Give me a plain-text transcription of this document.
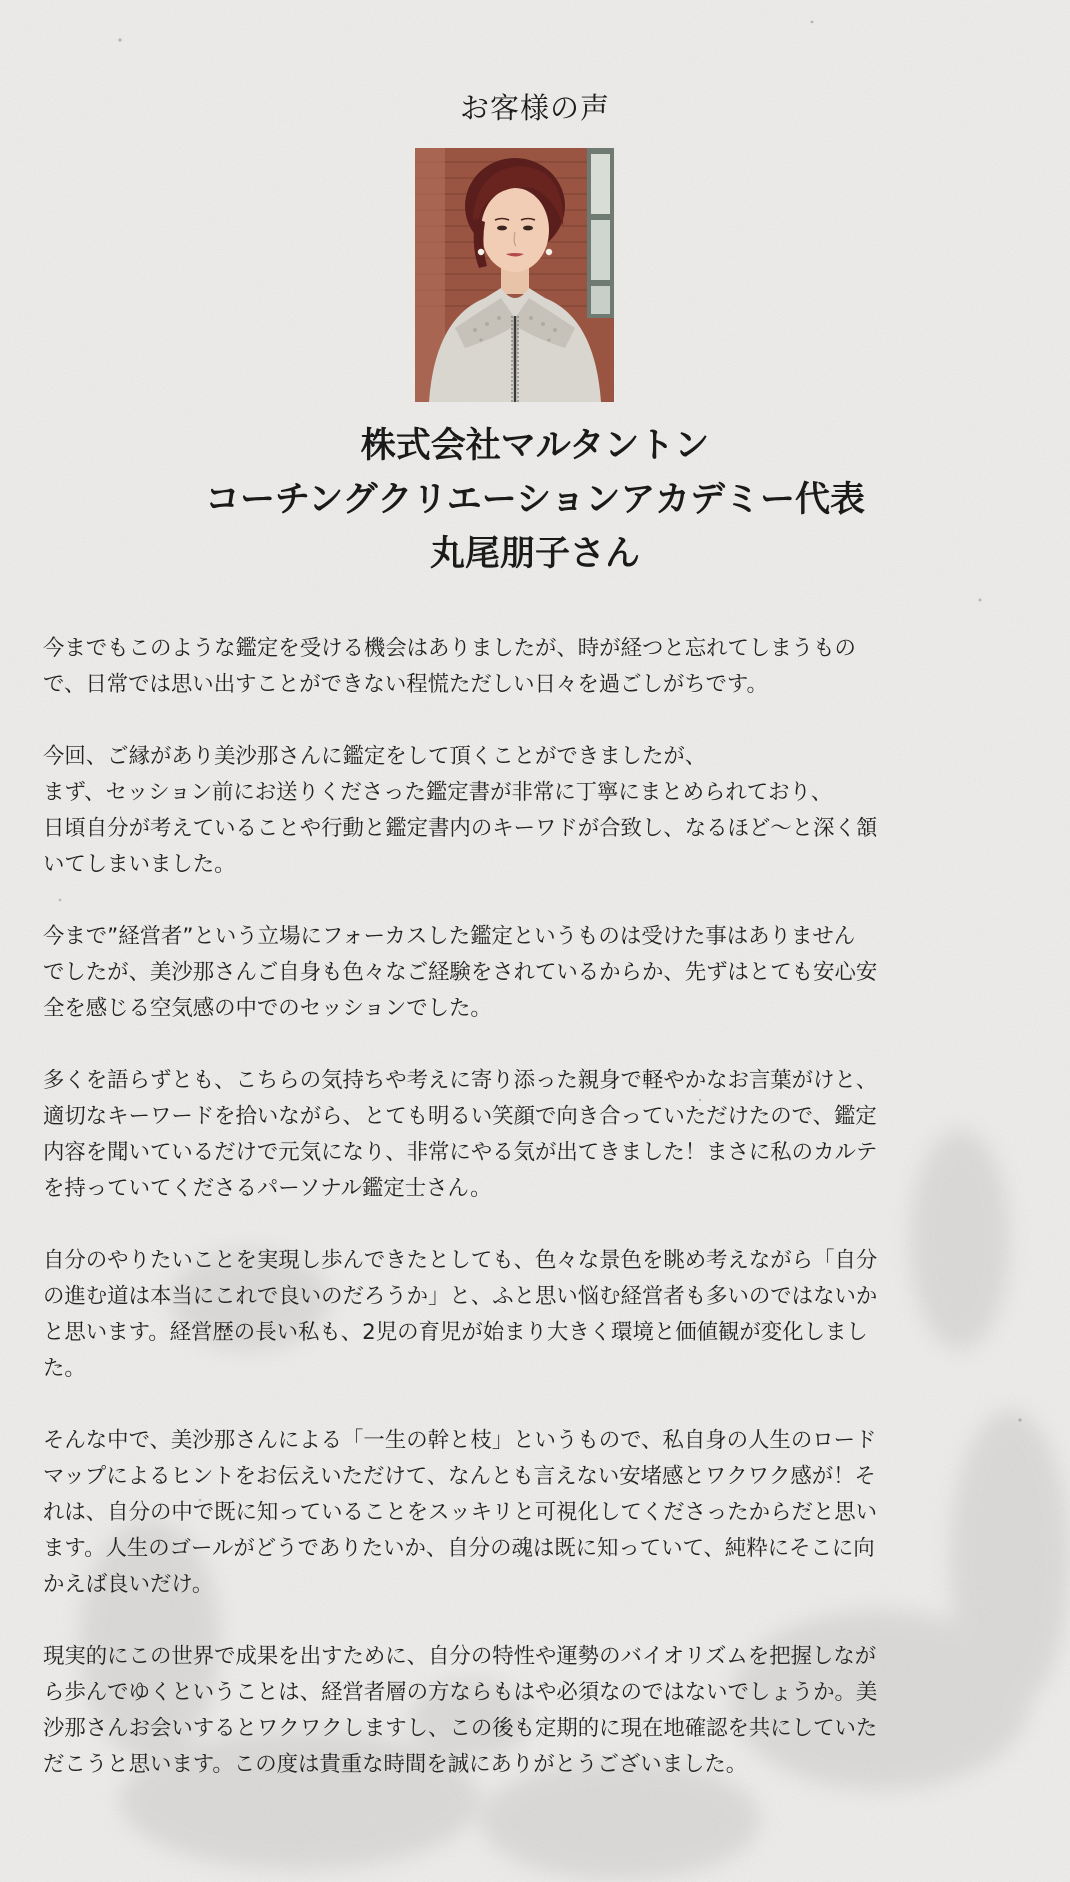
お客様の声
株式会社マルタントン
コーチングクリエーションアカデミー代表
丸尾朋子さん

今までもこのような鑑定を受ける機会はありましたが、時が経つと忘れてしまうもの
で、日常では思い出すことができない程慌ただしい日々を過ごしがちです。

今回、ご縁があり美沙那さんに鑑定をして頂くことができましたが、
まず、セッション前にお送りくださった鑑定書が非常に丁寧にまとめられており、
日頃自分が考えていることや行動と鑑定書内のキーワドが合致し、なるほど〜と深く頷
いてしまいました。

今まで”経営者”という立場にフォーカスした鑑定というものは受けた事はありません
でしたが、美沙那さんご自身も色々なご経験をされているからか、先ずはとても安心安
全を感じる空気感の中でのセッションでした。

多くを語らずとも、こちらの気持ちや考えに寄り添った親身で軽やかなお言葉がけと、
適切なキーワードを拾いながら、とても明るい笑顔で向き合っていただけたので、鑑定
内容を聞いているだけで元気になり、非常にやる気が出てきました！まさに私のカルテ
を持っていてくださるパーソナル鑑定士さん。

自分のやりたいことを実現し歩んできたとしても、色々な景色を眺め考えながら「自分
の進む道は本当にこれで良いのだろうか」と、ふと思い悩む経営者も多いのではないか
と思います。経営歴の長い私も、2児の育児が始まり大きく環境と価値観が変化しまし
た。

そんな中で、美沙那さんによる「一生の幹と枝」というもので、私自身の人生のロード
マップによるヒントをお伝えいただけて、なんとも言えない安堵感とワクワク感が！そ
れは、自分の中で既に知っていることをスッキリと可視化してくださったからだと思い
ます。人生のゴールがどうでありたいか、自分の魂は既に知っていて、純粋にそこに向
かえば良いだけ。

現実的にこの世界で成果を出すために、自分の特性や運勢のバイオリズムを把握しなが
ら歩んでゆくということは、経営者層の方ならもはや必須なのではないでしょうか。美
沙那さんお会いするとワクワクしますし、この後も定期的に現在地確認を共にしていた
だこうと思います。この度は貴重な時間を誠にありがとうございました。
